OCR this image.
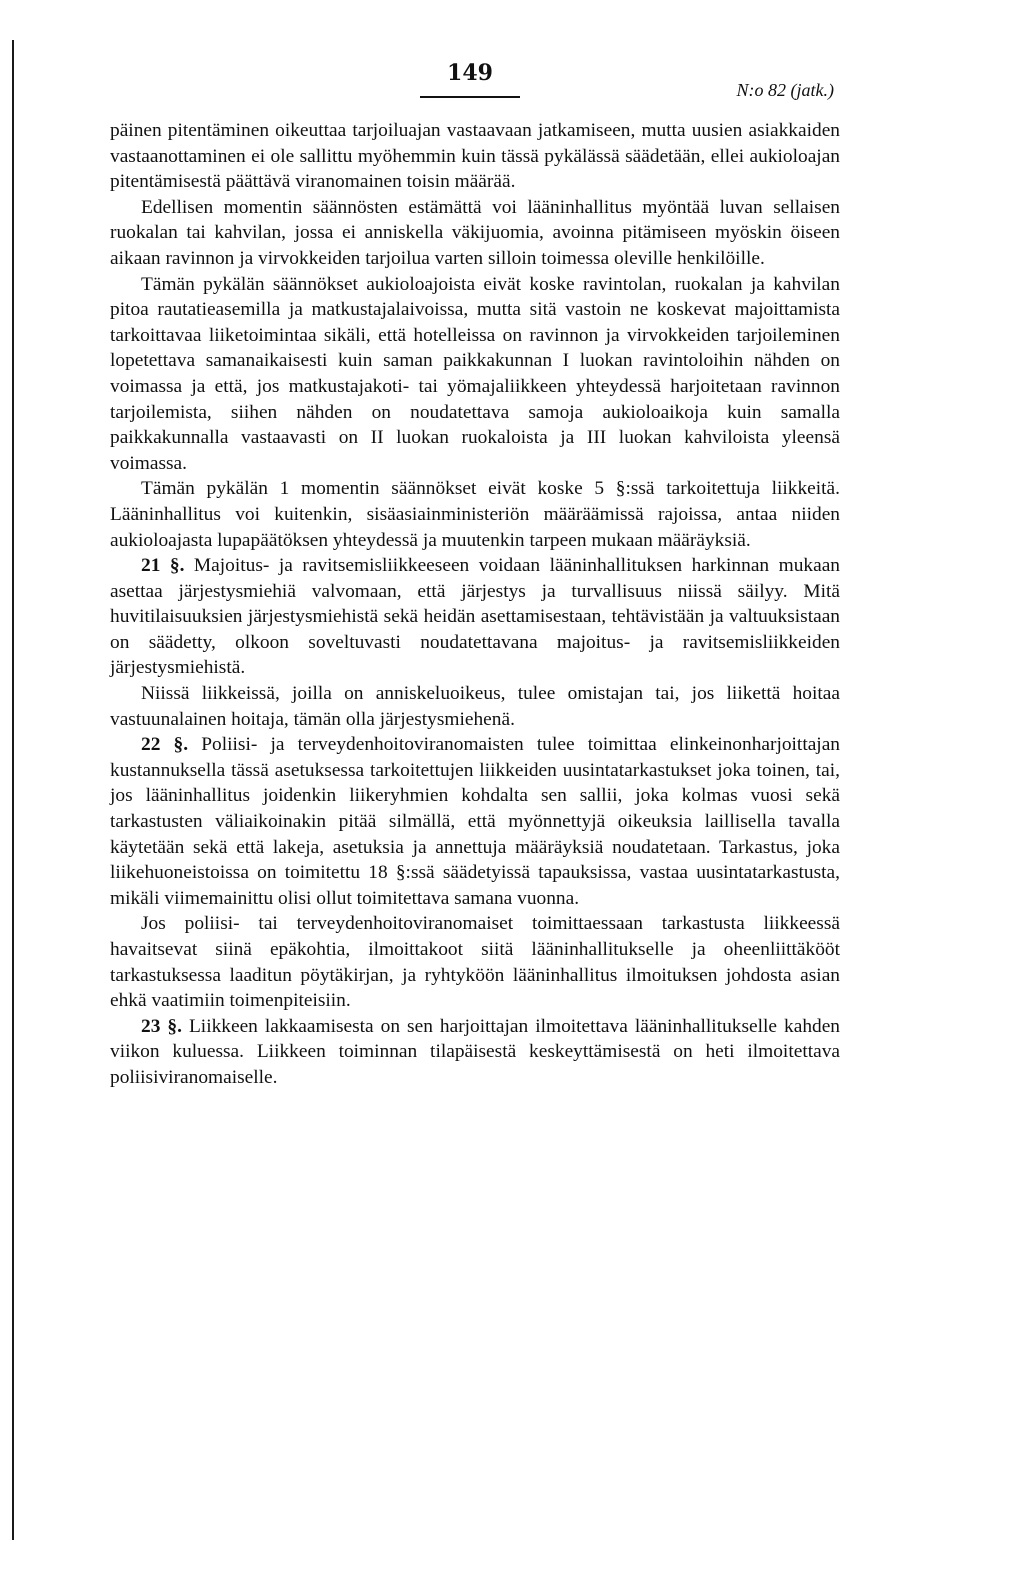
149
N:o 82 (jatk.)

päinen pitentäminen oikeuttaa tarjoiluajan vastaavaan jatkamiseen, mutta uusien asiakkaiden vastaanottaminen ei ole sallittu myöhemmin kuin tässä pykälässä säädetään, ellei aukioloajan pitentämisestä päättävä viranomainen toisin määrää.

Edellisen momentin säännösten estämättä voi lääninhallitus myöntää luvan sellaisen ruokalan tai kahvilan, jossa ei anniskella väkijuomia, avoinna pitämiseen myöskin öiseen aikaan ravinnon ja virvokkeiden tarjoilua varten silloin toimessa oleville henkilöille.

Tämän pykälän säännökset aukioloajoista eivät koske ravintolan, ruokalan ja kahvilan pitoa rautatieasemilla ja matkustajalaivoissa, mutta sitä vastoin ne koskevat majoittamista tarkoittavaa liiketoimintaa sikäli, että hotelleissa on ravinnon ja virvokkeiden tarjoileminen lopetettava samanaikaisesti kuin saman paikkakunnan I luokan ravintoloihin nähden on voimassa ja että, jos matkustajakoti- tai yömajaliikkeen yhteydessä harjoitetaan ravinnon tarjoilemista, siihen nähden on noudatettava samoja aukioloaikoja kuin samalla paikkakunnalla vastaavasti on II luokan ruokaloista ja III luokan kahviloista yleensä voimassa.

Tämän pykälän 1 momentin säännökset eivät koske 5 §:ssä tarkoitettuja liikkeitä. Lääninhallitus voi kuitenkin, sisäasiainministeriön määräämissä rajoissa, antaa niiden aukioloajasta lupapäätöksen yhteydessä ja muutenkin tarpeen mukaan määräyksiä.

21 §. Majoitus- ja ravitsemisliikkeeseen voidaan lääninhallituksen harkinnan mukaan asettaa järjestysmiehiä valvomaan, että järjestys ja turvallisuus niissä säilyy. Mitä huvitilaisuuksien järjestysmiehistä sekä heidän asettamisestaan, tehtävistään ja valtuuksistaan on säädetty, olkoon soveltuvasti noudatettavana majoitus- ja ravitsemisliikkeiden järjestysmiehistä.

Niissä liikkeissä, joilla on anniskeluoikeus, tulee omistajan tai, jos liikettä hoitaa vastuunalainen hoitaja, tämän olla järjestysmiehenä.

22 §. Poliisi- ja terveydenhoitoviranomaisten tulee toimittaa elinkeinonharjoittajan kustannuksella tässä asetuksessa tarkoitettujen liikkeiden uusintatarkastukset joka toinen, tai, jos lääninhallitus joidenkin liikeryhmien kohdalta sen sallii, joka kolmas vuosi sekä tarkastusten väliaikoinakin pitää silmällä, että myönnettyjä oikeuksia laillisella tavalla käytetään sekä että lakeja, asetuksia ja annettuja määräyksiä noudatetaan. Tarkastus, joka liikehuoneistoissa on toimitettu 18 §:ssä säädetyissä tapauksissa, vastaa uusintatarkastusta, mikäli viimemainittu olisi ollut toimitettava samana vuonna.

Jos poliisi- tai terveydenhoitoviranomaiset toimittaessaan tarkastusta liikkeessä havaitsevat siinä epäkohtia, ilmoittakoot siitä lääninhallitukselle ja oheenliittäkööt tarkastuksessa laaditun pöytäkirjan, ja ryhtyköön lääninhallitus ilmoituksen johdosta asian ehkä vaatimiin toimenpiteisiin.

23 §. Liikkeen lakkaamisesta on sen harjoittajan ilmoitettava lääninhallitukselle kahden viikon kuluessa. Liikkeen toiminnan tilapäisestä keskeyttämisestä on heti ilmoitettava poliisiviranomaiselle.
